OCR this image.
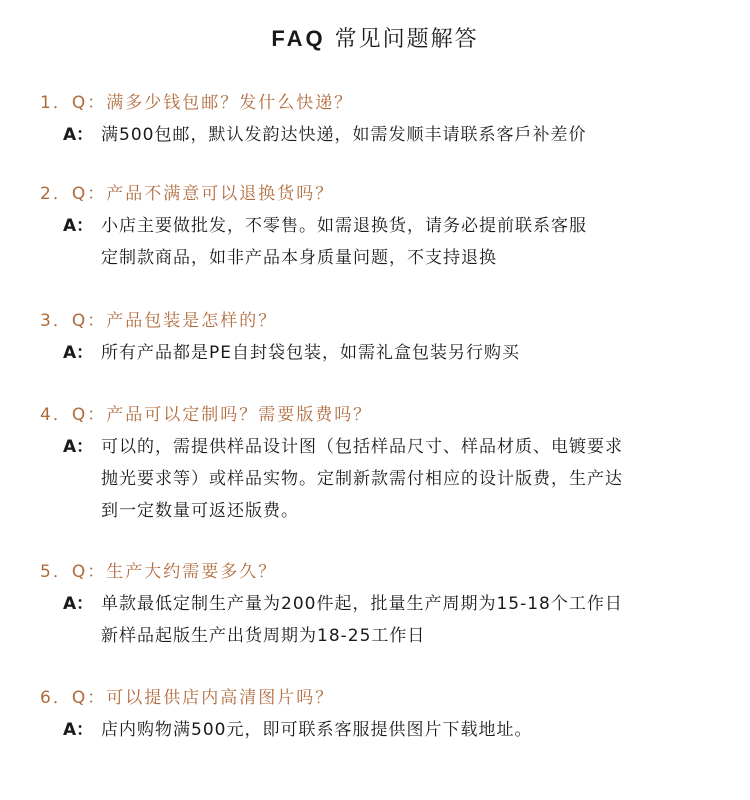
FAQ 常见问题解答
1．Q：满多少钱包邮？发什么快递？
A： 满500包邮，默认发韵达快递，如需发顺丰请联系客戶补差价
2．Q：产品不满意可以退换货吗？
A： 小店主要做批发，不零售。如需退换货，请务必提前联系客服
定制款商品，如非产品本身质量问题，不支持退换
3．Q：产品包装是怎样的？
A： 所有产品都是PE自封袋包装，如需礼盒包装另行购买
4．Q：产品可以定制吗？需要版费吗？
A： 可以的，需提供样品设计图（包括样品尺寸、样品材质、电镀要求
抛光要求等）或样品实物。定制新款需付相应的设计版费，生产达
到一定数量可返还版费。
5．Q：生产大约需要多久？
A： 单款最低定制生产量为200件起，批量生产周期为15-18个工作日
新样品起版生产出货周期为18-25工作日
6．Q：可以提供店内高清图片吗？
A： 店内购物满500元，即可联系客服提供图片下载地址。
